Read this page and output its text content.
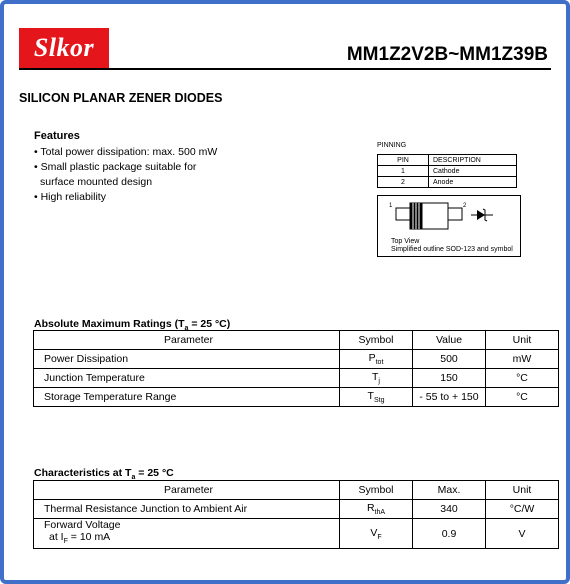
Slkor	MM1Z2V2B~MM1Z39B
SILICON PLANAR ZENER DIODES
Features
• Total power dissipation: max. 500 mW
• Small plastic package suitable for
surface mounted design
• High reliability
PINNING
PIN	DESCRIPTION
1	Cathode
2	Anode
1	2
Top View
Simplified outline SOD-123 and symbol
Absolute Maximum Ratings ($T_a = 25$ °C)
Parameter	Symbol	Value	Unit
Power Dissipation	$P_{tot}$	500	mW
Junction Temperature	$T_j$	150	°C
Storage Temperature Range	$T_{Stg}$	- 55 to + 150	°C
Characteristics at $T_a = 25$ °C
Parameter	Symbol	Max.	Unit
Thermal Resistance Junction to Ambient Air	$R_{thA}$	340	°C/W

Forward Voltage
at $I_F = 10$ mA	$V_F$	0.9	V
